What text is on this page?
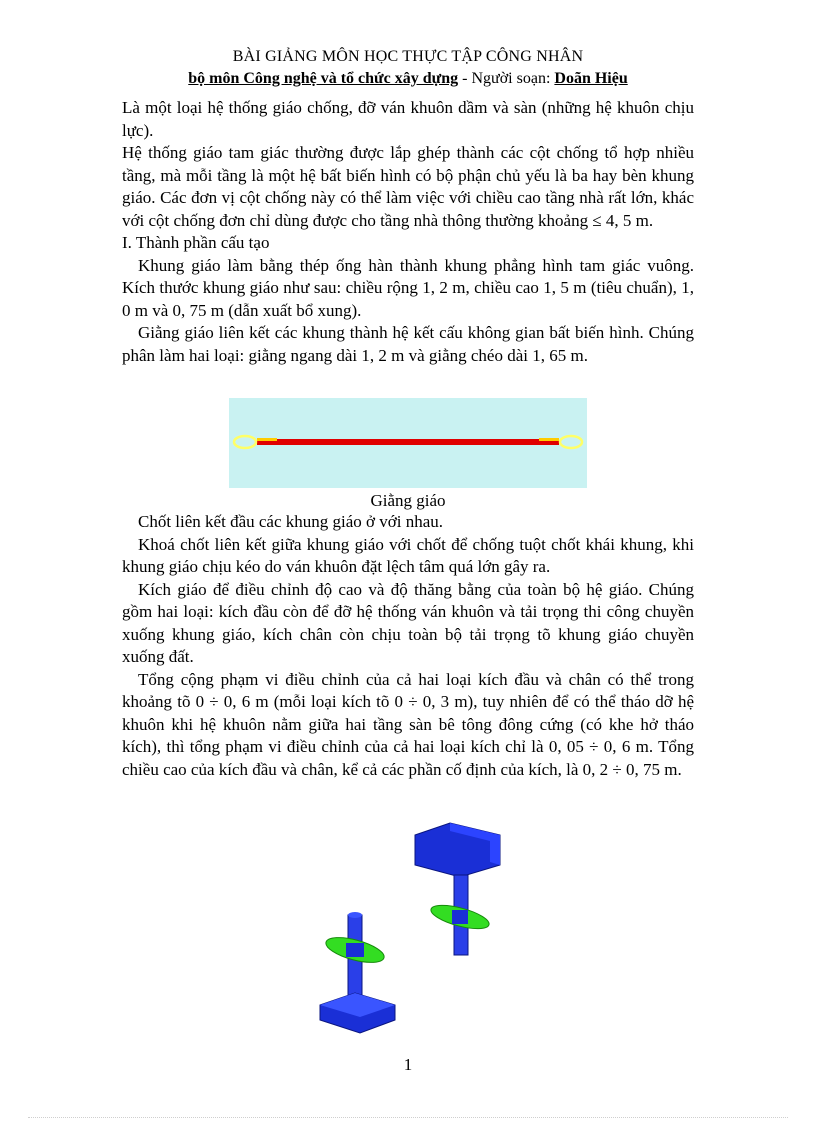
BÀI GIẢNG MÔN HỌC THỰC TẬP CÔNG NHÂN
bộ môn Công nghệ và tổ chức xây dựng - Người soạn: Doãn Hiệu

Là một loại hệ thống giáo chống, đỡ ván khuôn dầm và sàn (những hệ khuôn chịu lực).

Hệ thống giáo tam giác thường được lắp ghép thành các cột chống tổ hợp nhiều tầng, mà mỗi tầng là một hệ bất biến hình có bộ phận chủ yếu là ba hay bèn khung giáo. Các đơn vị cột chống này có thể làm việc với chiều cao tầng nhà rất lớn, khác với cột chống đơn chỉ dùng được cho tầng nhà thông thường khoảng ≤ 4, 5 m.

I. Thành phần cấu tạo

Khung giáo làm bằng thép ống hàn thành khung phẳng hình tam giác vuông. Kích thước khung giáo như sau: chiều rộng 1, 2 m, chiều cao 1, 5 m (tiêu chuẩn), 1, 0 m và 0, 75 m (dẫn xuất bổ xung).

Giằng giáo liên kết các khung thành hệ kết cấu không gian bất biến hình. Chúng phân làm hai loại: giằng ngang dài 1, 2 m và giằng chéo dài 1, 65 m.

Giằng giáo

Chốt liên kết đầu các khung giáo ở với nhau.

Khoá chốt liên kết giữa khung giáo với chốt để chống tuột chốt khái khung, khi khung giáo chịu kéo do ván khuôn đặt lệch tâm quá lớn gây ra.

Kích giáo để điều chỉnh độ cao và độ thăng bằng của toàn bộ hệ giáo. Chúng gồm hai loại: kích đầu còn để đỡ hệ thống ván khuôn và tải trọng thi công chuyền xuống khung giáo, kích chân còn chịu toàn bộ tải trọng tõ khung giáo chuyền xuống đất.

Tổng cộng phạm vi điều chỉnh của cả hai loại kích đầu và chân có thể trong khoảng tõ 0 ÷ 0, 6 m (mỗi loại kích tõ 0 ÷ 0, 3 m), tuy nhiên để có thể tháo dỡ hệ khuôn khi hệ khuôn nằm giữa hai tầng sàn bê tông đông cứng (có khe hở tháo kích), thì tổng phạm vi điều chỉnh của cả hai loại kích chỉ là 0, 05 ÷ 0, 6 m. Tổng chiều cao của kích đầu và chân, kể cả các phần cố định của kích, là 0, 2 ÷ 0, 75 m.

1
